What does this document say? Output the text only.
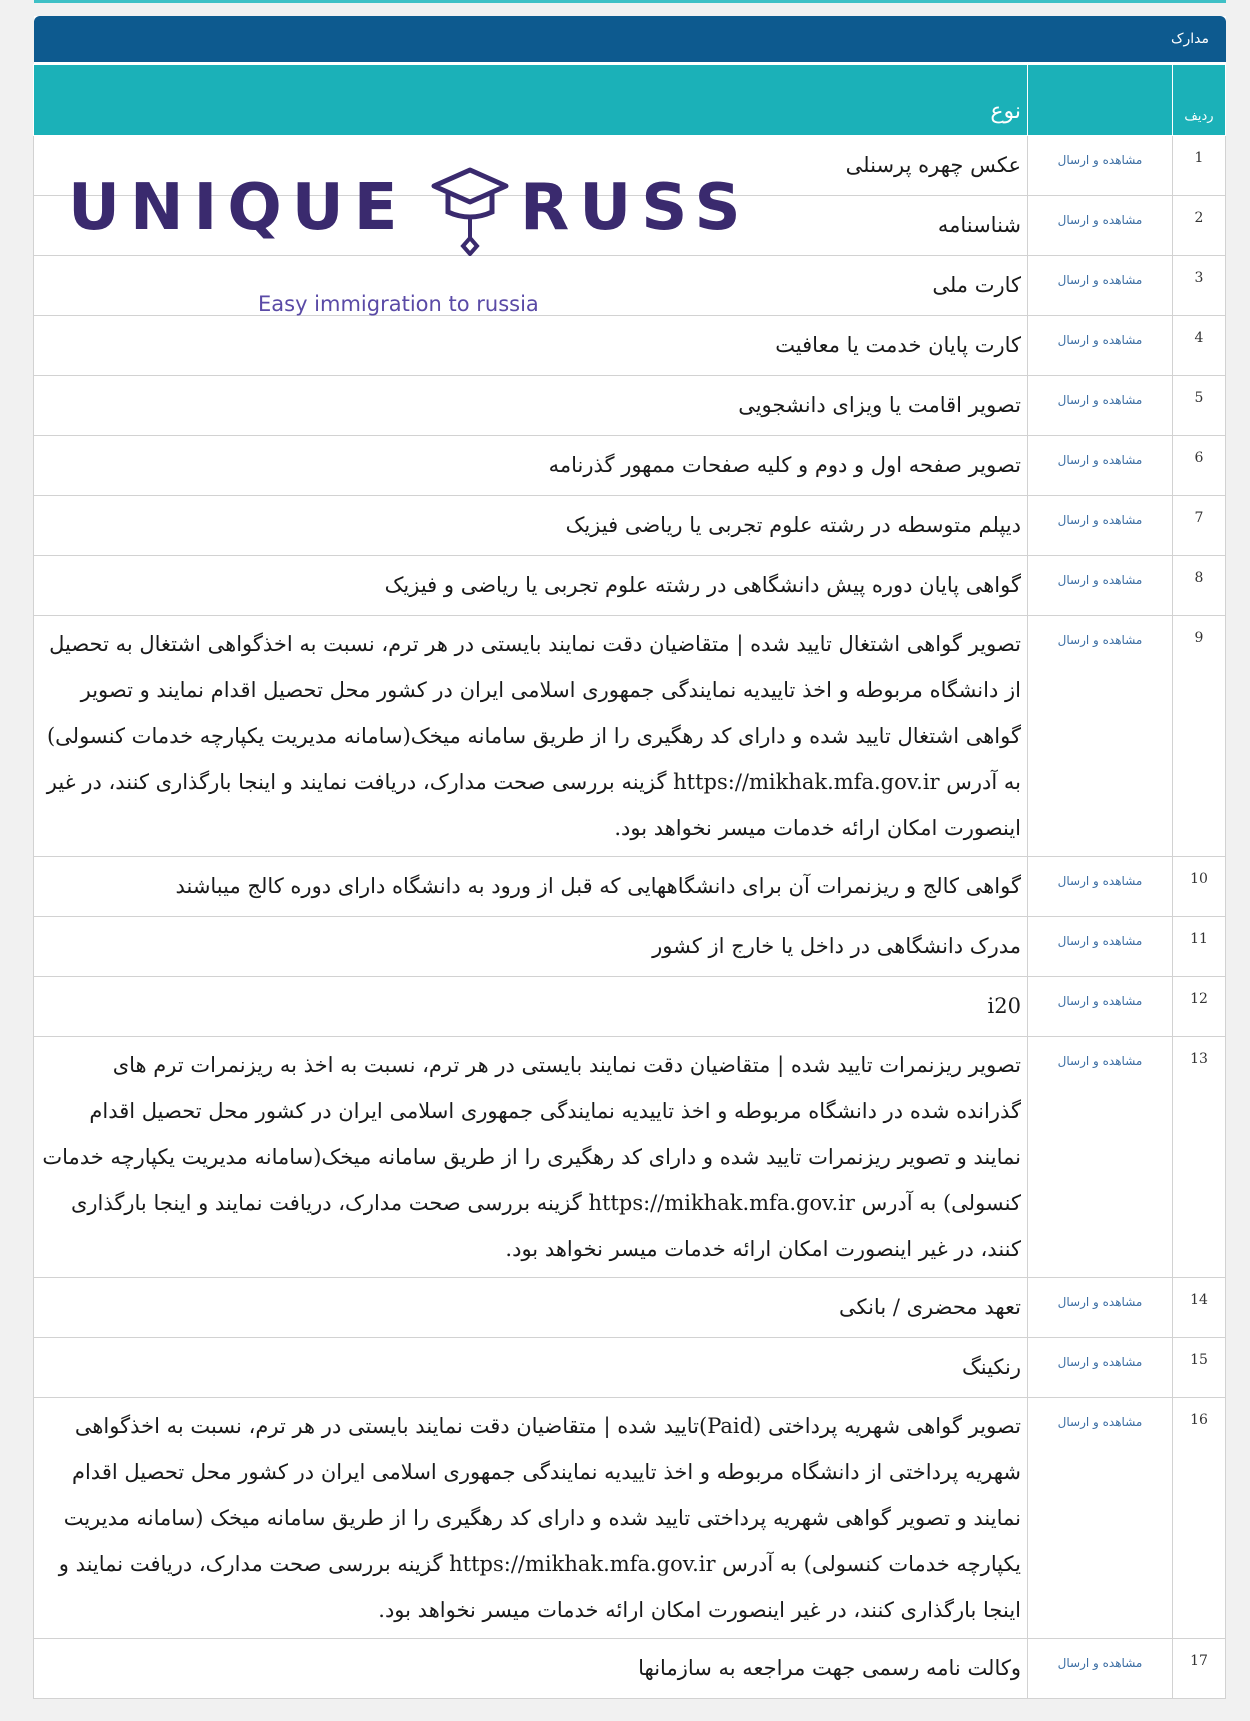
مدارک
ردیف		نوع
1	مشاهده و ارسال	عکس چهره پرسنلی
2	مشاهده و ارسال	شناسنامه
3	مشاهده و ارسال	کارت ملی
4	مشاهده و ارسال	کارت پایان خدمت یا معافیت
5	مشاهده و ارسال	تصویر اقامت یا ویزای دانشجویی
6	مشاهده و ارسال	تصویر صفحه اول و دوم و کلیه صفحات ممهور گذرنامه
7	مشاهده و ارسال	دیپلم متوسطه در رشته علوم تجربی یا ریاضی فیزیک
8	مشاهده و ارسال	گواهی پایان دوره پیش دانشگاهی در رشته علوم تجربی یا ریاضی و فیزیک
9	مشاهده و ارسال	تصویر گواهی اشتغال تایید شده | متقاضیان دقت نمایند بایستی در هر ترم، نسبت به اخذگواهی اشتغال به تحصیل از دانشگاه مربوطه و اخذ تاییدیه نمایندگی جمهوری اسلامی ایران در کشور محل تحصیل اقدام نمایند و تصویر گواهی اشتغال تایید شده و دارای کد رهگیری را از طریق سامانه میخک(سامانه مدیریت یکپارچه خدمات کنسولی) به آدرس https://mikhak.mfa.gov.ir گزینه بررسی صحت مدارک، دریافت نمایند و اینجا بارگذاری کنند، در غیر اینصورت امکان ارائه خدمات میسر نخواهد بود.
10	مشاهده و ارسال	گواهی کالج و ریزنمرات آن برای دانشگاههایی که قبل از ورود به دانشگاه دارای دوره کالج میباشند
11	مشاهده و ارسال	مدرک دانشگاهی در داخل یا خارج از کشور
12	مشاهده و ارسال	i20
13	مشاهده و ارسال	تصویر ریزنمرات تایید شده | متقاضیان دقت نمایند بایستی در هر ترم، نسبت به اخذ به ریزنمرات ترم های گذرانده شده در دانشگاه مربوطه و اخذ تاییدیه نمایندگی جمهوری اسلامی ایران در کشور محل تحصیل اقدام نمایند و تصویر ریزنمرات تایید شده و دارای کد رهگیری را از طریق سامانه میخک(سامانه مدیریت یکپارچه خدمات کنسولی) به آدرس https://mikhak.mfa.gov.ir گزینه بررسی صحت مدارک، دریافت نمایند و اینجا بارگذاری کنند، در غیر اینصورت امکان ارائه خدمات میسر نخواهد بود.
14	مشاهده و ارسال	تعهد محضری / بانکی
15	مشاهده و ارسال	رنکینگ
16	مشاهده و ارسال	تصویر گواهی شهریه پرداختی (Paid)تایید شده | متقاضیان دقت نمایند بایستی در هر ترم، نسبت به اخذگواهی شهریه پرداختی از دانشگاه مربوطه و اخذ تاییدیه نمایندگی جمهوری اسلامی ایران در کشور محل تحصیل اقدام نمایند و تصویر گواهی شهریه پرداختی تایید شده و دارای کد رهگیری را از طریق سامانه میخک (سامانه مدیریت یکپارچه خدمات کنسولی) به آدرس https://mikhak.mfa.gov.ir گزینه بررسی صحت مدارک، دریافت نمایند و اینجا بارگذاری کنند، در غیر اینصورت امکان ارائه خدمات میسر نخواهد بود.
17	مشاهده و ارسال	وکالت نامه رسمی جهت مراجعه به سازمانها
UNIQUE RUSS
Easy immigration to russia
